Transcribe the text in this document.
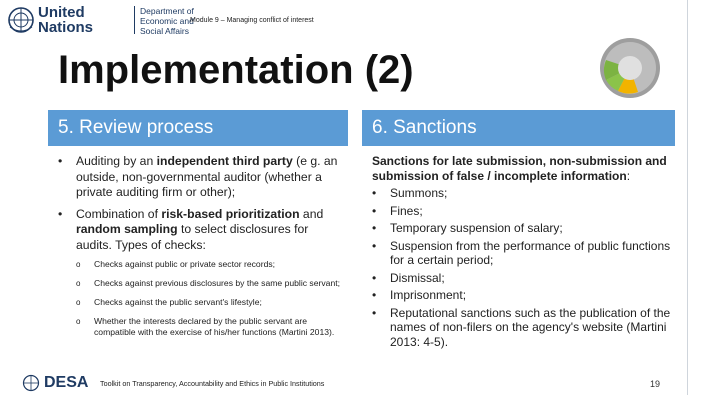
United
Nations
Department of
Economic and
Social Affairs
Module 9 – Managing conflict of interest
Implementation (2)
5. Review process
• Auditing by an independent third party (e g. an outside, non-governmental auditor (whether a private auditing firm or other);
• Combination of risk-based prioritization and random sampling to select disclosures for audits. Types of checks:
o Checks against public or private sector records;
o Checks against previous disclosures by the same public servant;
o Checks against the public servant's lifestyle;
o Whether the interests declared by the public servant are compatible with the exercise of his/her functions (Martini 2013).
6. Sanctions

Sanctions for late submission, non-submission and submission of false / incomplete information:

• Summons;
• Fines;
• Temporary suspension of salary;
• Suspension from the performance of public functions for a certain period;
• Dismissal;
• Imprisonment;
• Reputational sanctions such as the publication of the names of non-filers on the agency's website (Martini 2013: 4-5).
DESA Toolkit on Transparency, Accountability and Ethics in Public Institutions	19
